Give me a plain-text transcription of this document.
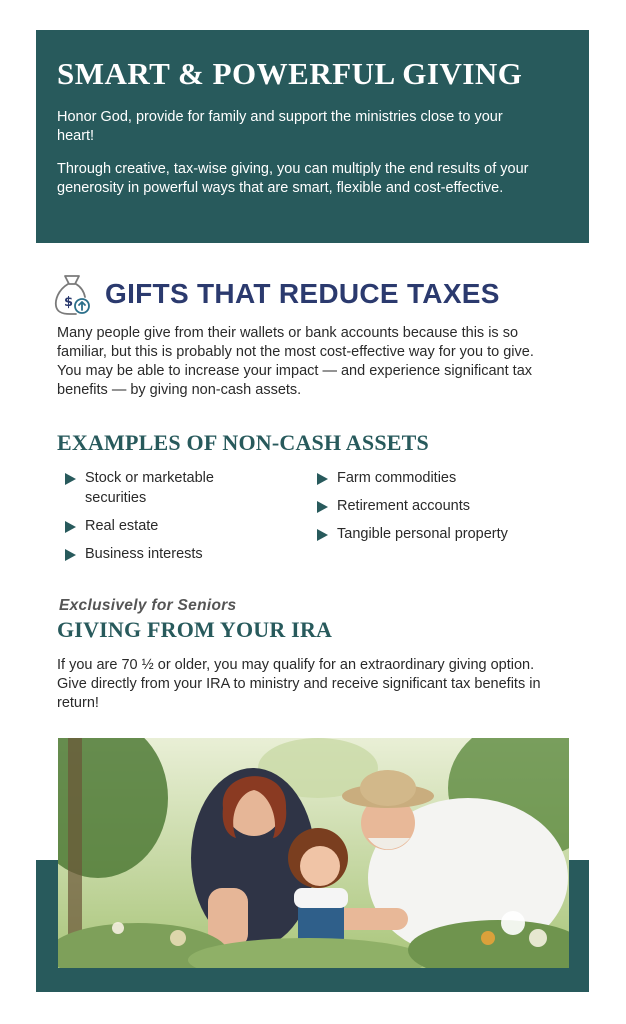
SMART & POWERFUL GIVING

Honor God, provide for family and support the ministries close to your heart!

Through creative, tax-wise giving, you can multiply the end results of your generosity in powerful ways that are smart, flexible and cost-effective.

$ GIFTS THAT REDUCE TAXES

Many people give from their wallets or bank accounts because this is so familiar, but this is probably not the most cost-effective way for you to give. You may be able to increase your impact — and experience significant tax benefits — by giving non-cash assets.

EXAMPLES OF NON-CASH ASSETS
Stock or marketable securities
Real estate
Business interests
Farm commodities
Retirement accounts
Tangible personal property

Exclusively for Seniors

GIVING FROM YOUR IRA

If you are 70 ½ or older, you may qualify for an extraordinary giving option. Give directly from your IRA to ministry and receive significant tax benefits in return!
